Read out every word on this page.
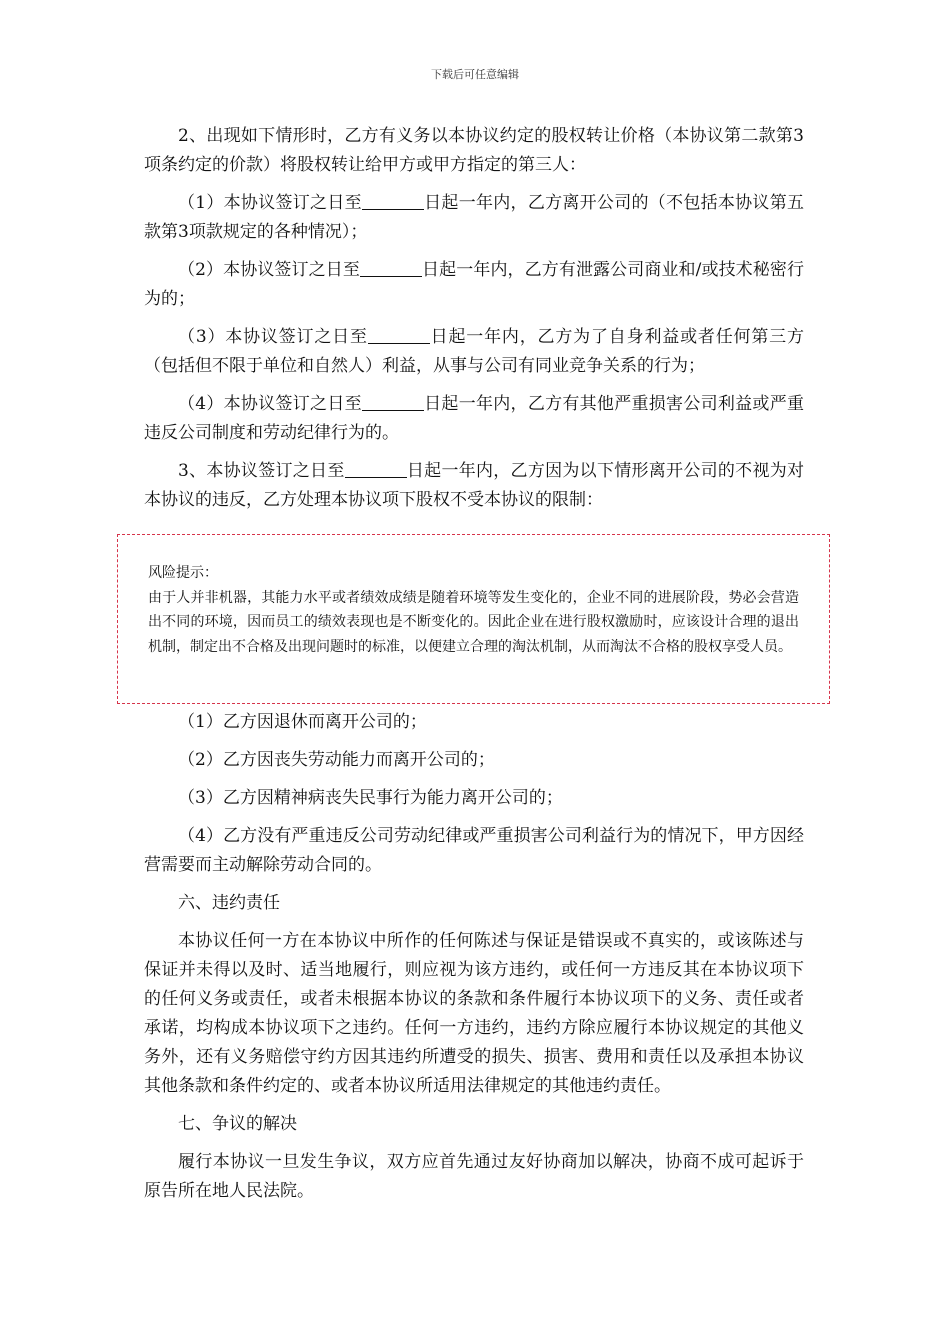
下载后可任意编辑

2、出现如下情形时，乙方有义务以本协议约定的股权转让价格（本协议第二款第3项条约定的价款）将股权转让给甲方或甲方指定的第三人：

（1）本协议签订之日至	日起一年内，乙方离开公司的（不包括本协议第五款第3项款规定的各种情况）；

（2）本协议签订之日至	日起一年内，乙方有泄露公司商业和/或技术秘密行为的；

（3）本协议签订之日至	日起一年内，乙方为了自身利益或者任何第三方（包括但不限于单位和自然人）利益，从事与公司有同业竞争关系的行为；

（4）本协议签订之日至	日起一年内，乙方有其他严重损害公司利益或严重违反公司制度和劳动纪律行为的。

3、本协议签订之日至	日起一年内，乙方因为以下情形离开公司的不视为对本协议的违反，乙方处理本协议项下股权不受本协议的限制：

风险提示：

由于人并非机器，其能力水平或者绩效成绩是随着环境等发生变化的，企业不同的进展阶段，势必会营造出不同的环境，因而员工的绩效表现也是不断变化的。因此企业在进行股权激励时，应该设计合理的退出机制，制定出不合格及出现问题时的标准，以便建立合理的淘汰机制，从而淘汰不合格的股权享受人员。

（1）乙方因退休而离开公司的；

（2）乙方因丧失劳动能力而离开公司的；

（3）乙方因精神病丧失民事行为能力离开公司的；

（4）乙方没有严重违反公司劳动纪律或严重损害公司利益行为的情况下，甲方因经营需要而主动解除劳动合同的。

六、违约责任

本协议任何一方在本协议中所作的任何陈述与保证是错误或不真实的，或该陈述与保证并未得以及时、适当地履行，则应视为该方违约，或任何一方违反其在本协议项下的任何义务或责任，或者未根据本协议的条款和条件履行本协议项下的义务、责任或者承诺，均构成本协议项下之违约。任何一方违约，违约方除应履行本协议规定的其他义务外，还有义务赔偿守约方因其违约所遭受的损失、损害、费用和责任以及承担本协议其他条款和条件约定的、或者本协议所适用法律规定的其他违约责任。

七、争议的解决

履行本协议一旦发生争议，双方应首先通过友好协商加以解决，协商不成可起诉于原告所在地人民法院。
